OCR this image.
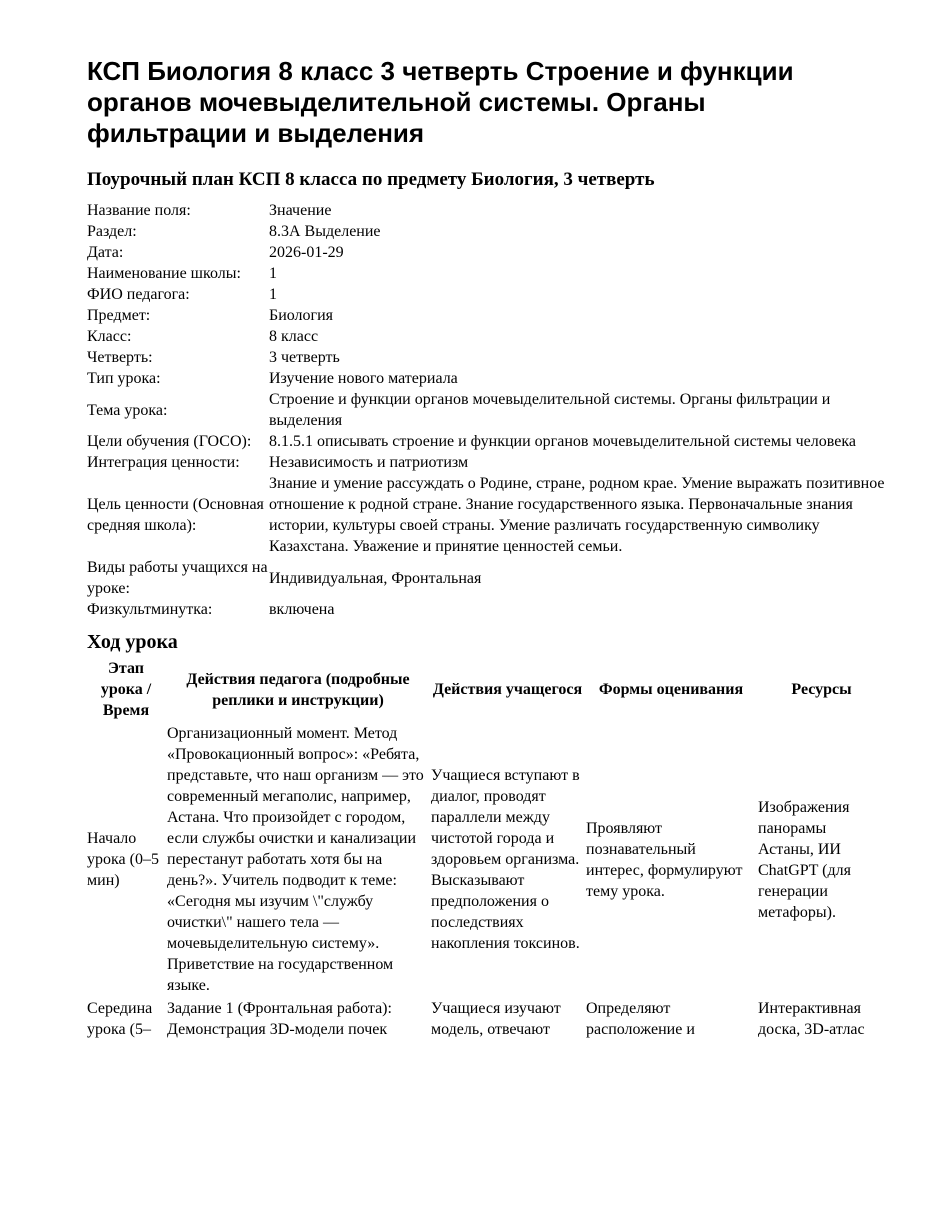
КСП Биология 8 класс 3 четверть Строение и функции органов мочевыделительной системы. Органы фильтрации и выделения
Поурочный план КСП 8 класса по предмету Биология, 3 четверть
Название поля:	Значение
Раздел:	8.3А Выделение
Дата:	2026-01-29
Наименование школы:	1
ФИО педагога:	1
Предмет:	Биология
Класс:	8 класс
Четверть:	3 четверть
Тип урока:	Изучение нового материала
Тема урока:	Строение и функции органов мочевыделительной системы. Органы фильтрации и выделения
Цели обучения (ГОСО):	8.1.5.1 описывать строение и функции органов мочевыделительной системы человека
Интеграция ценности:	Независимость и патриотизм
Цель ценности (Основная средняя школа):	Знание и умение рассуждать о Родине, стране, родном крае. Умение выражать позитивное отношение к родной стране. Знание государственного языка. Первоначальные знания истории, культуры своей страны. Умение различать государственную символику Казахстана. Уважение и принятие ценностей семьи.
Виды работы учащихся на уроке:	Индивидуальная, Фронтальная
Физкультминутка:	включена
Ход урока
Этап урока / Время	Действия педагога (подробные реплики и инструкции)	Действия учащегося	Формы оценивания	Ресурсы
Начало урока (0–5 мин)	Организационный момент. Метод «Провокационный вопрос»: «Ребята, представьте, что наш организм — это современный мегаполис, например, Астана. Что произойдет с городом, если службы очистки и канализации перестанут работать хотя бы на день?». Учитель подводит к теме: «Сегодня мы изучим \"службу очистки\" нашего тела — мочевыделительную систему». Приветствие на государственном языке.	Учащиеся вступают в диалог, проводят параллели между чистотой города и здоровьем организма. Высказывают предположения о последствиях накопления токсинов.	Проявляют познавательный интерес, формулируют тему урока.	Изображения панорамы Астаны, ИИ ChatGPT (для генерации метафоры).
Середина урока (5–	Задание 1 (Фронтальная работа): Демонстрация 3D-модели почек	Учащиеся изучают модель, отвечают	Определяют расположение и	Интерактивная доска, 3D-атлас
